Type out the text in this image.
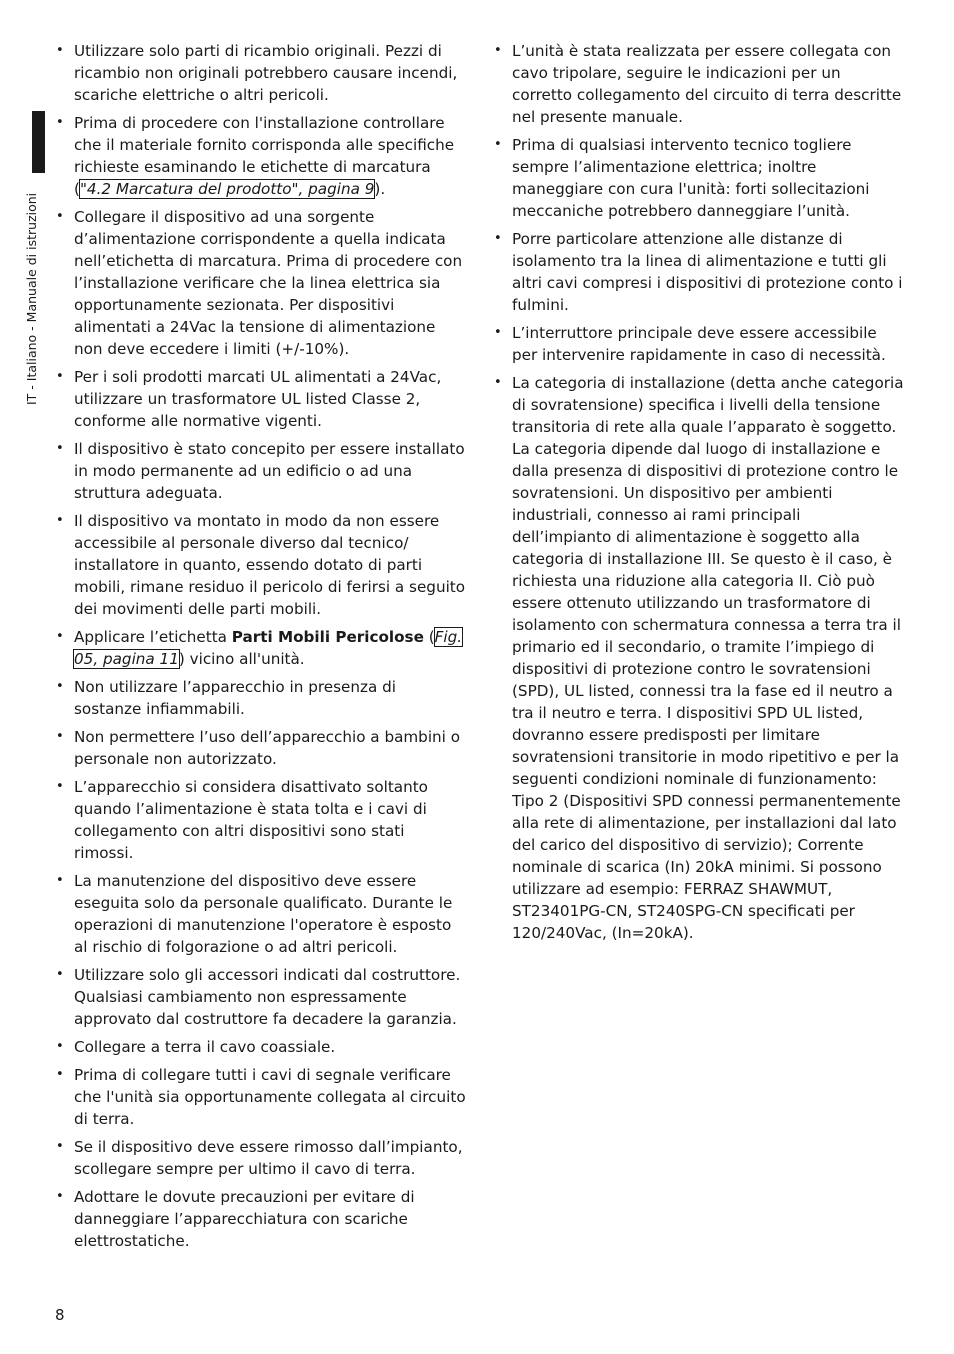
IT - Italiano - Manuale di istruzioni
• Utilizzare solo parti di ricambio originali. Pezzi di ricambio non originali potrebbero causare incendi, scariche elettriche o altri pericoli.
• Prima di procedere con l'installazione controllare che il materiale fornito corrisponda alle specifiche richieste esaminando le etichette di marcatura ("4.2 Marcatura del prodotto", pagina 9).
• Collegare il dispositivo ad una sorgente d’alimentazione corrispondente a quella indicata nell’etichetta di marcatura. Prima di procedere con l’installazione verificare che la linea elettrica sia opportunamente sezionata. Per dispositivi alimentati a 24Vac la tensione di alimentazione non deve eccedere i limiti (+/-10%).
• Per i soli prodotti marcati UL alimentati a 24Vac, utilizzare un trasformatore UL listed Classe 2, conforme alle normative vigenti.
• Il dispositivo è stato concepito per essere installato in modo permanente ad un edificio o ad una struttura adeguata.
• Il dispositivo va montato in modo da non essere accessibile al personale diverso dal tecnico/ installatore in quanto, essendo dotato di parti mobili, rimane residuo il pericolo di ferirsi a seguito dei movimenti delle parti mobili.
• Applicare l’etichetta Parti Mobili Pericolose (Fig. 05, pagina 11) vicino all'unità.
• Non utilizzare l’apparecchio in presenza di sostanze infiammabili.
• Non permettere l’uso dell’apparecchio a bambini o personale non autorizzato.
• L’apparecchio si considera disattivato soltanto quando l’alimentazione è stata tolta e i cavi di collegamento con altri dispositivi sono stati rimossi.
• La manutenzione del dispositivo deve essere eseguita solo da personale qualificato. Durante le operazioni di manutenzione l'operatore è esposto al rischio di folgorazione o ad altri pericoli.
• Utilizzare solo gli accessori indicati dal costruttore. Qualsiasi cambiamento non espressamente approvato dal costruttore fa decadere la garanzia.
• Collegare a terra il cavo coassiale.
• Prima di collegare tutti i cavi di segnale verificare che l'unità sia opportunamente collegata al circuito di terra.
• Se il dispositivo deve essere rimosso dall’impianto, scollegare sempre per ultimo il cavo di terra.
• Adottare le dovute precauzioni per evitare di danneggiare l’apparecchiatura con scariche elettrostatiche.
• L’unità è stata realizzata per essere collegata con cavo tripolare, seguire le indicazioni per un corretto collegamento del circuito di terra descritte nel presente manuale.
• Prima di qualsiasi intervento tecnico togliere sempre l’alimentazione elettrica; inoltre maneggiare con cura l'unità: forti sollecitazioni meccaniche potrebbero danneggiare l’unità.
• Porre particolare attenzione alle distanze di isolamento tra la linea di alimentazione e tutti gli altri cavi compresi i dispositivi di protezione conto i fulmini.
• L’interruttore principale deve essere accessibile per intervenire rapidamente in caso di necessità.
• La categoria di installazione (detta anche categoria di sovratensione) specifica i livelli della tensione transitoria di rete alla quale l’apparato è soggetto. La categoria dipende dal luogo di installazione e dalla presenza di dispositivi di protezione contro le sovratensioni. Un dispositivo per ambienti industriali, connesso ai rami principali dell’impianto di alimentazione è soggetto alla categoria di installazione III. Se questo è il caso, è richiesta una riduzione alla categoria II. Ciò può essere ottenuto utilizzando un trasformatore di isolamento con schermatura connessa a terra tra il primario ed il secondario, o tramite l’impiego di dispositivi di protezione contro le sovratensioni (SPD), UL listed, connessi tra la fase ed il neutro a tra il neutro e terra. I dispositivi SPD UL listed, dovranno essere predisposti per limitare sovratensioni transitorie in modo ripetitivo e per la seguenti condizioni nominale di funzionamento: Tipo 2 (Dispositivi SPD connessi permanentemente alla rete di alimentazione, per installazioni dal lato del carico del dispositivo di servizio); Corrente nominale di scarica (In) 20kA minimi. Si possono utilizzare ad esempio: FERRAZ SHAWMUT, ST23401PG-CN, ST240SPG-CN specificati per 120/240Vac, (In=20kA).
8
